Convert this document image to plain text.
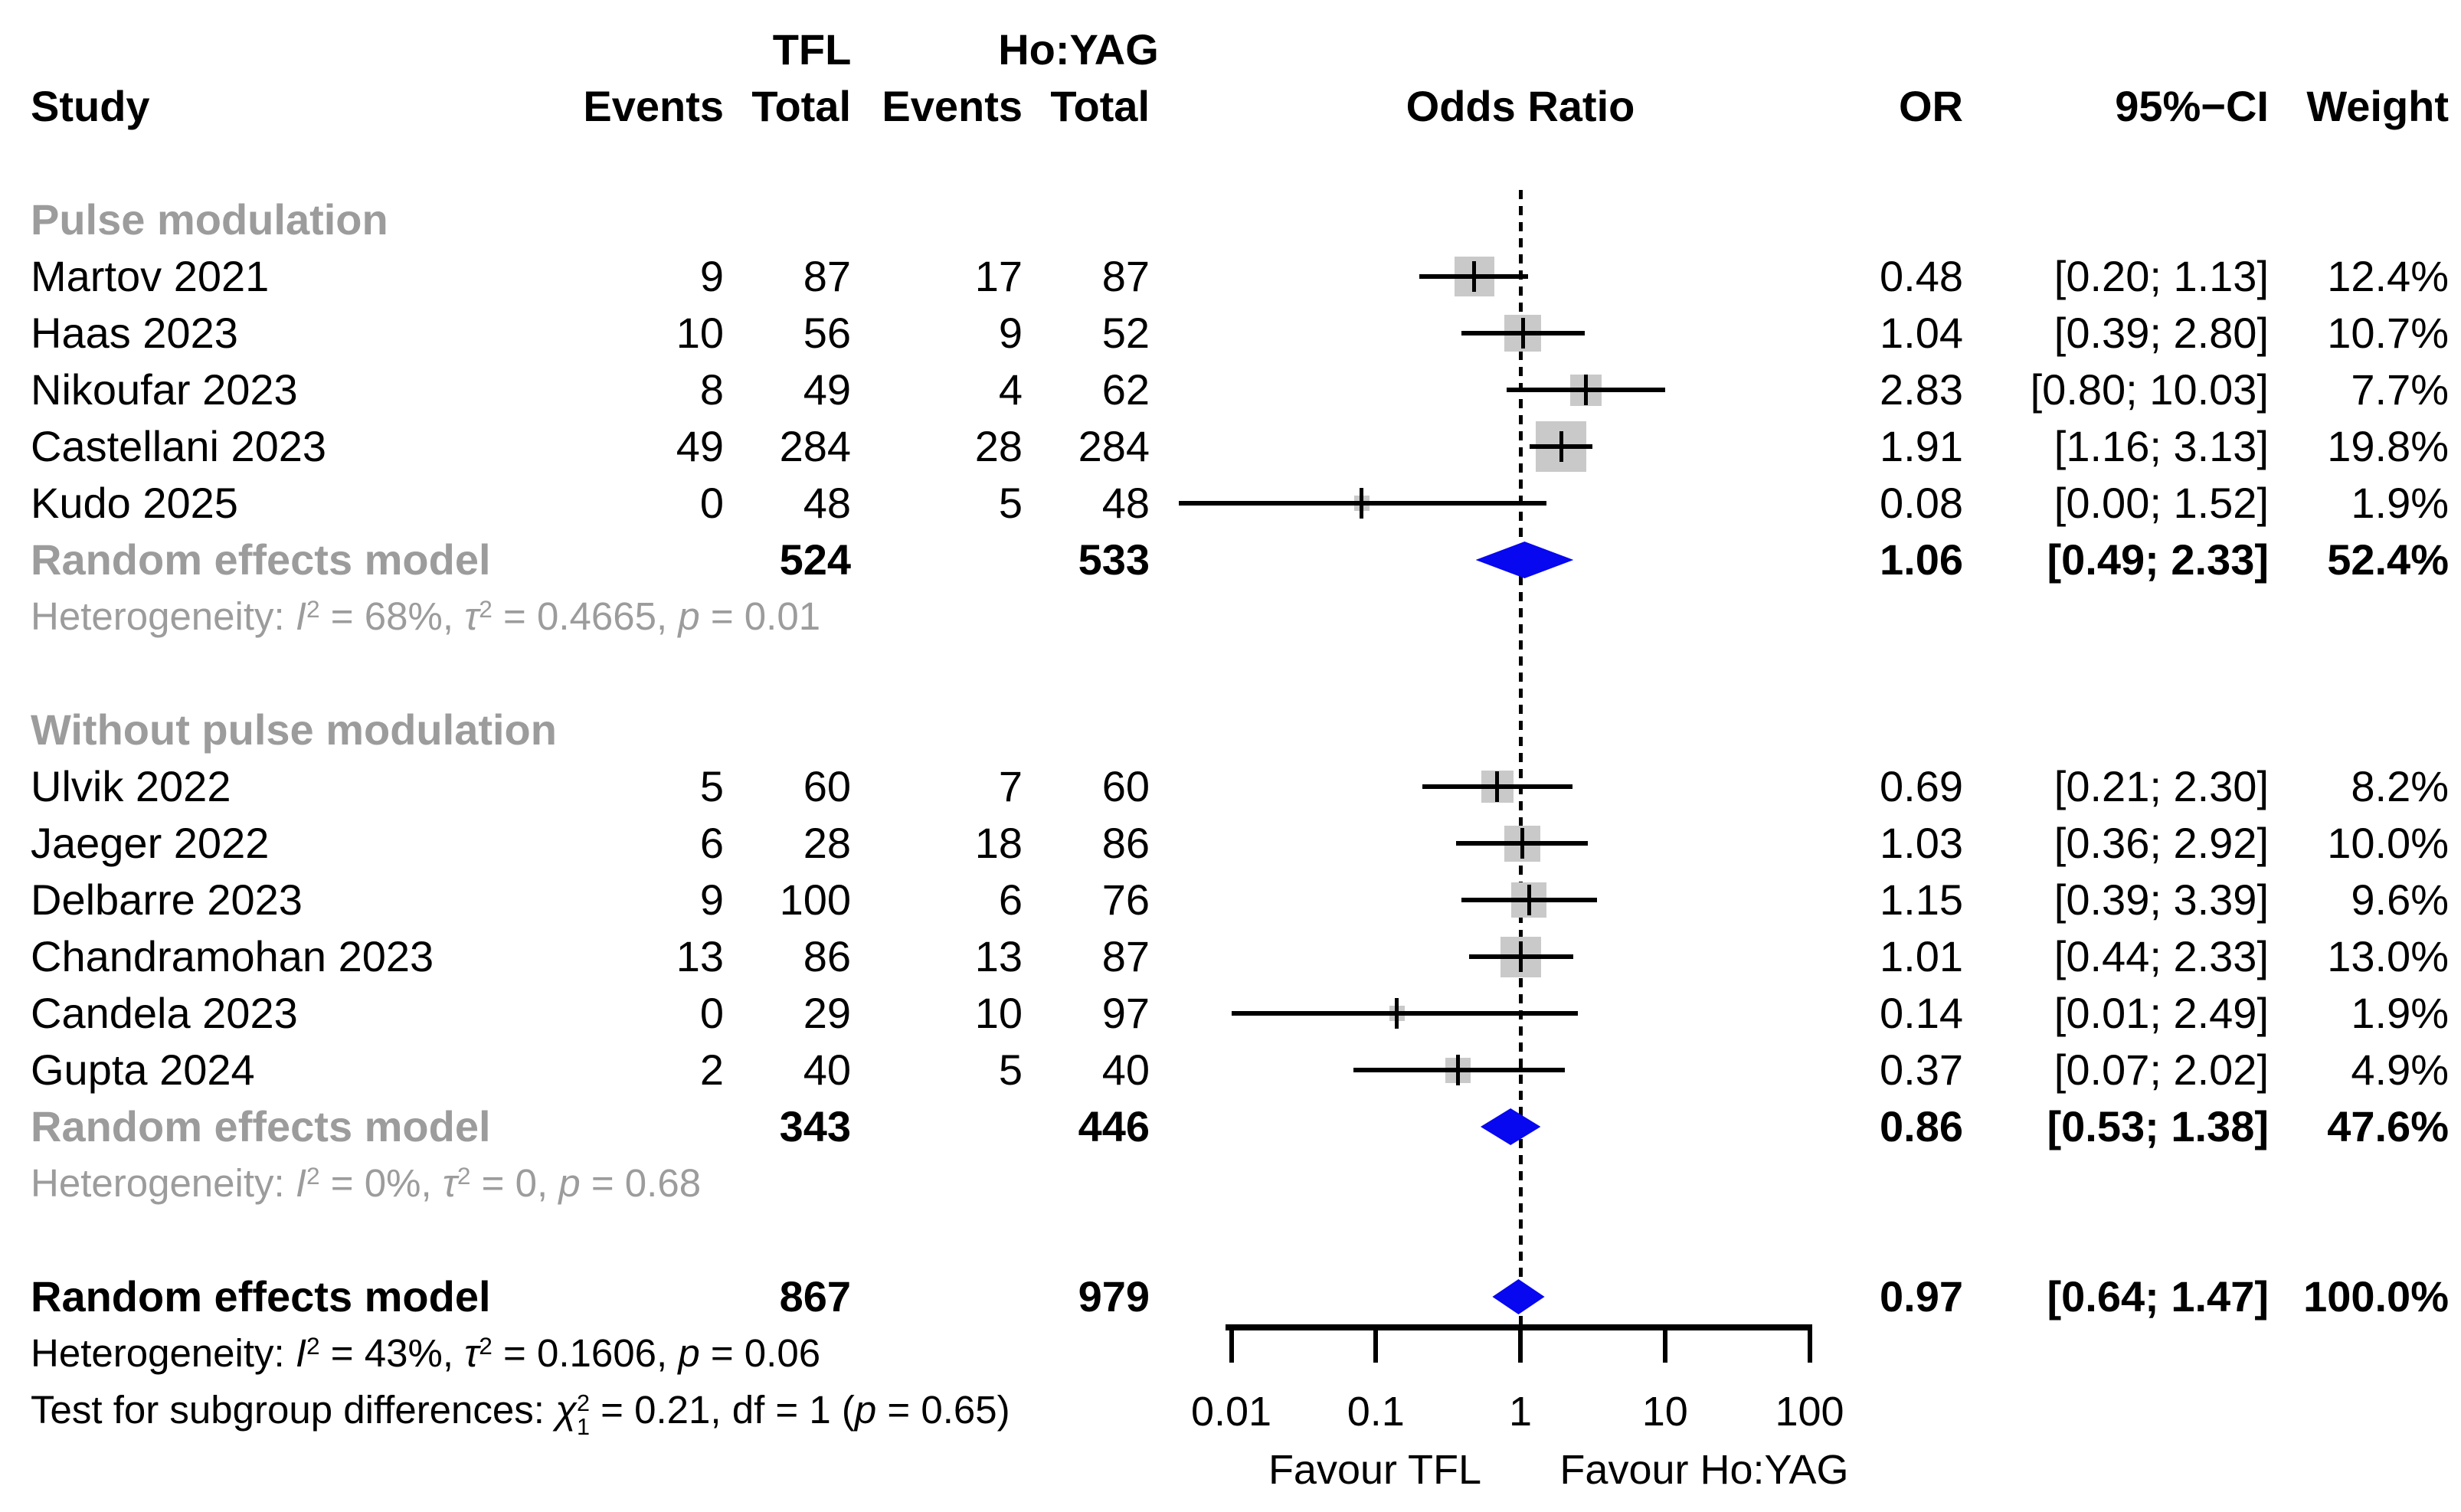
TFL	Ho:YAG
Study	Events Total Events Total	Odds Ratio	OR	95%−CI Weight
Pulse modulation
Martov 2021	9 87	17 87	0.48 [0.20; 1.13] 12.4%
Haas 2023	10 56	9 52	1.04 [0.39; 2.80] 10.7%
Nikoufar 2023	8 49	4 62	2.83 [0.80; 10.03] 7.7%
Castellani 2023	49 284	28 284	1.91 [1.16; 3.13] 19.8%
Kudo 2025	0 48	5 48	0.08 [0.00; 1.52] 1.9%
Random effects model	524	533	1.06 [0.49; 2.33] 52.4%
Heterogeneity: $I^2 = 68\%$, $\tau^2 = 0.4665$, p = 0.01
Without pulse modulation
Ulvik 2022	5 60	7 60	0.69 [0.21; 2.30] 8.2%
Jaeger 2022	6 28	18 86	1.03 [0.36; 2.92] 10.0%
Delbarre 2023	9 100	6 76	1.15 [0.39; 3.39] 9.6%
Chandramohan 2023	13 86	13 87	1.01 [0.44; 2.33] 13.0%
Candela 2023	0 29	10 97	0.14 [0.01; 2.49] 1.9%
Gupta 2024	2 40	5 40	0.37 [0.07; 2.02] 4.9%
Random effects model	343	446	0.86 [0.53; 1.38] 47.6%
Heterogeneity: $I^2 = 0\%$, $\tau^2 = 0$, p = 0.68
Random effects model	867	979	0.97 [0.64; 1.47] 100.0%
Heterogeneity: $I^2 = 43\%$, $\tau^2 = 0.1606$, p = 0.06
Test for subgroup differences: χ 2
1 = 0.21, df = 1 (p = 0.65)	0.01 0.1	1	10 100
Favour TFL Favour Ho:YAG
